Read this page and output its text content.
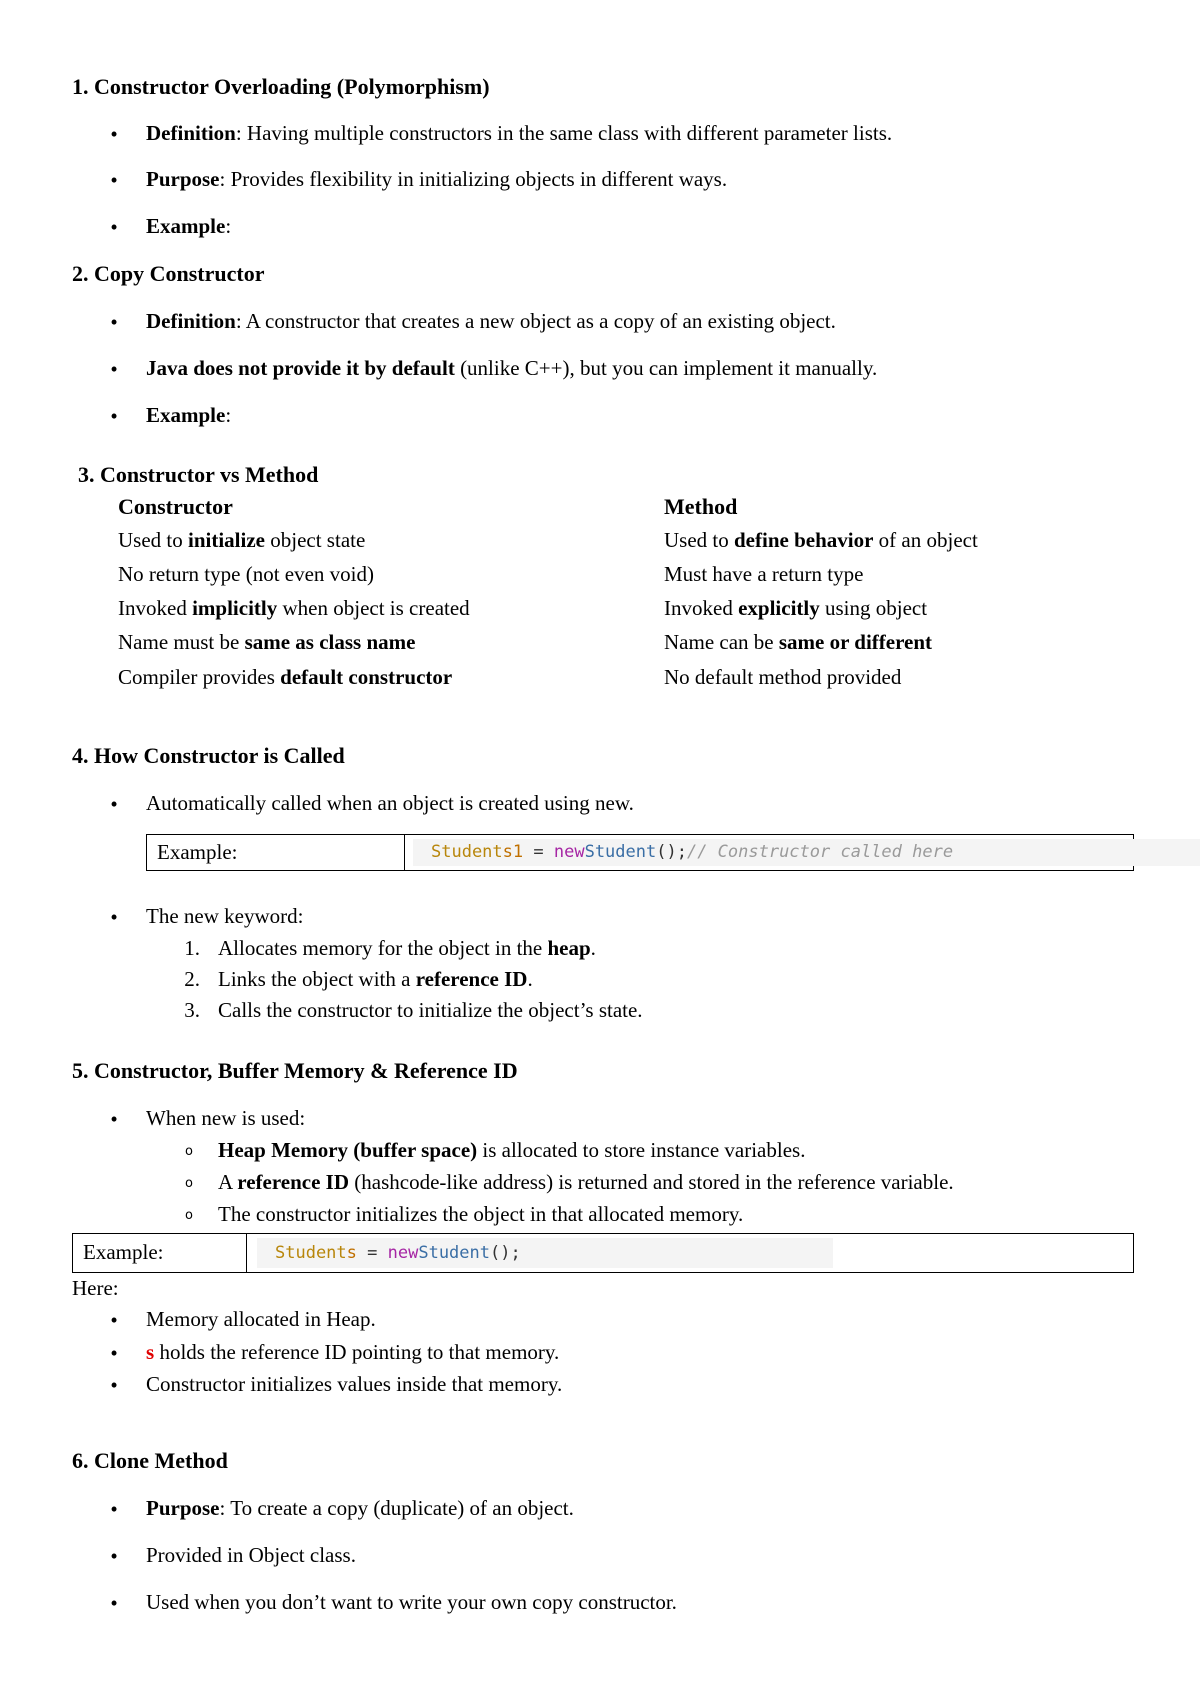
1. Constructor Overloading (Polymorphism)
• Definition: Having multiple constructors in the same class with different parameter lists.
• Purpose: Provides flexibility in initializing objects in different ways.
• Example:
2. Copy Constructor
• Definition: A constructor that creates a new object as a copy of an existing object.
• Java does not provide it by default (unlike C++), but you can implement it manually.
• Example:
3. Constructor vs Method
Constructor	Method
Used to initialize object state	Used to define behavior of an object
No return type (not even void)	Must have a return type
Invoked implicitly when object is created	Invoked explicitly using object
Name must be same as class name	Name can be same or different
Compiler provides default constructor	No default method provided
4. How Constructor is Called
• Automatically called when an object is created using new.
Example:	Student s1 = new Student (); // Constructor called here
• The new keyword:
1. Allocates memory for the object in the heap.
2. Links the object with a reference ID.
3. Calls the constructor to initialize the object’s state.
5. Constructor, Buffer Memory & Reference ID
• When new is used:
o Heap Memory (buffer space) is allocated to store instance variables.
o A reference ID (hashcode-like address) is returned and stored in the reference variable.
o The constructor initializes the object in that allocated memory.
Example:	Student s = new Student ();
Here:
• Memory allocated in Heap.
• s holds the reference ID pointing to that memory.
• Constructor initializes values inside that memory.
6. Clone Method
• Purpose: To create a copy (duplicate) of an object.
• Provided in Object class.
• Used when you don’t want to write your own copy constructor.
